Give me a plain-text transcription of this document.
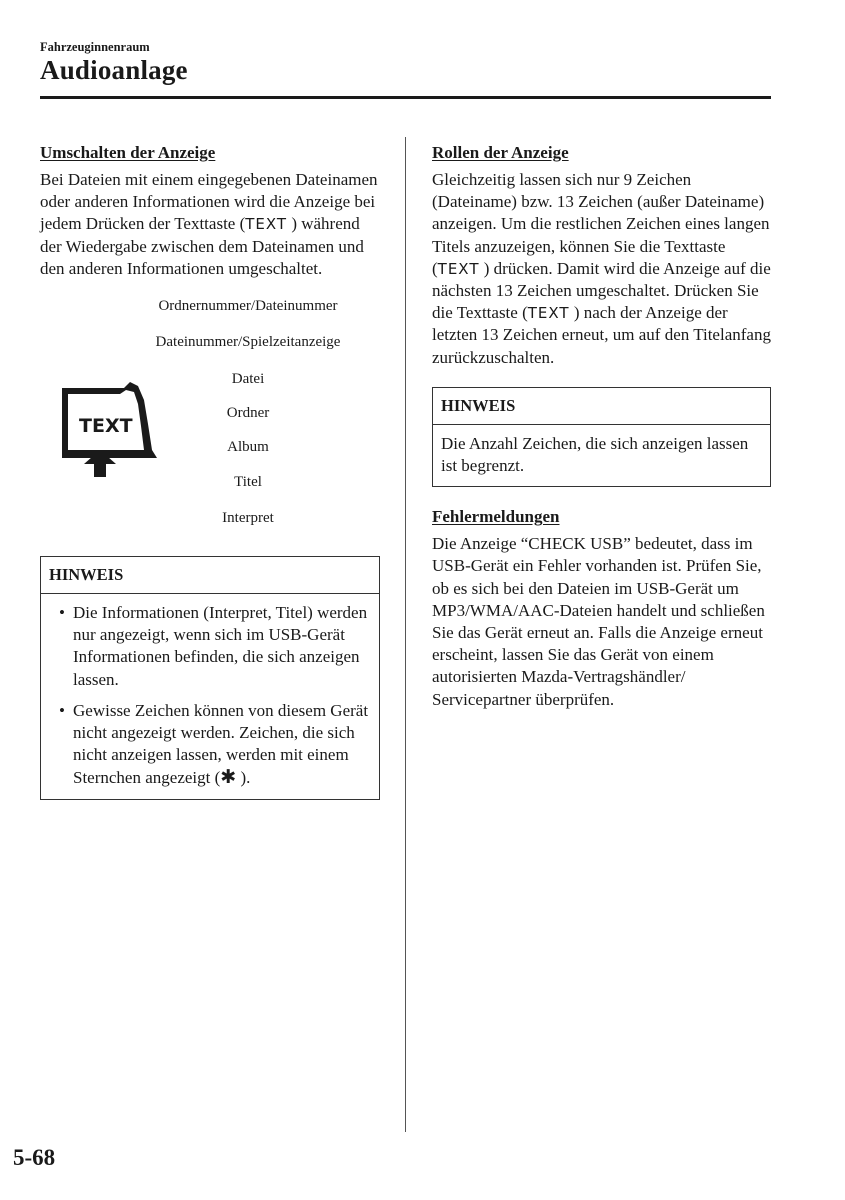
Fahrzeuginnenraum
Audioanlage
Umschalten der Anzeige

Bei Dateien mit einem eingegebenen Dateinamen oder anderen Informationen wird die Anzeige bei jedem Drücken der Texttaste (TEXT ) während der Wiedergabe zwischen dem Dateinamen und den anderen Informationen umgeschaltet.

Ordnernummer/Dateinummer
Dateinummer/Spielzeitanzeige
Datei
Ordner
Album
Titel
Interpret
TEXT
HINWEIS
• Die Informationen (Interpret, Titel) werden nur angezeigt, wenn sich im USB-Gerät Informationen befinden, die sich anzeigen lassen.
• Gewisse Zeichen können von diesem Gerät nicht angezeigt werden. Zeichen, die sich nicht anzeigen lassen, werden mit einem Sternchen angezeigt (✱ ).
Rollen der Anzeige

Gleichzeitig lassen sich nur 9 Zeichen (Dateiname) bzw. 13 Zeichen (außer Dateiname) anzeigen. Um die restlichen Zeichen eines langen Titels anzuzeigen, können Sie die Texttaste (TEXT ) drücken. Damit wird die Anzeige auf die nächsten 13 Zeichen umgeschaltet. Drücken Sie die Texttaste (TEXT ) nach der Anzeige der letzten 13 Zeichen erneut, um auf den Titelanfang zurückzuschalten.

HINWEIS
Die Anzahl Zeichen, die sich anzeigen lassen ist begrenzt.
Fehlermeldungen

Die Anzeige “CHECK USB” bedeutet, dass im USB-Gerät ein Fehler vorhanden ist. Prüfen Sie, ob es sich bei den Dateien im USB-Gerät um MP3/WMA/AAC-Dateien handelt und schließen Sie das Gerät erneut an. Falls die Anzeige erneut erscheint, lassen Sie das Gerät von einem autorisierten Mazda-Vertragshändler/ Servicepartner überprüfen.

5-68
